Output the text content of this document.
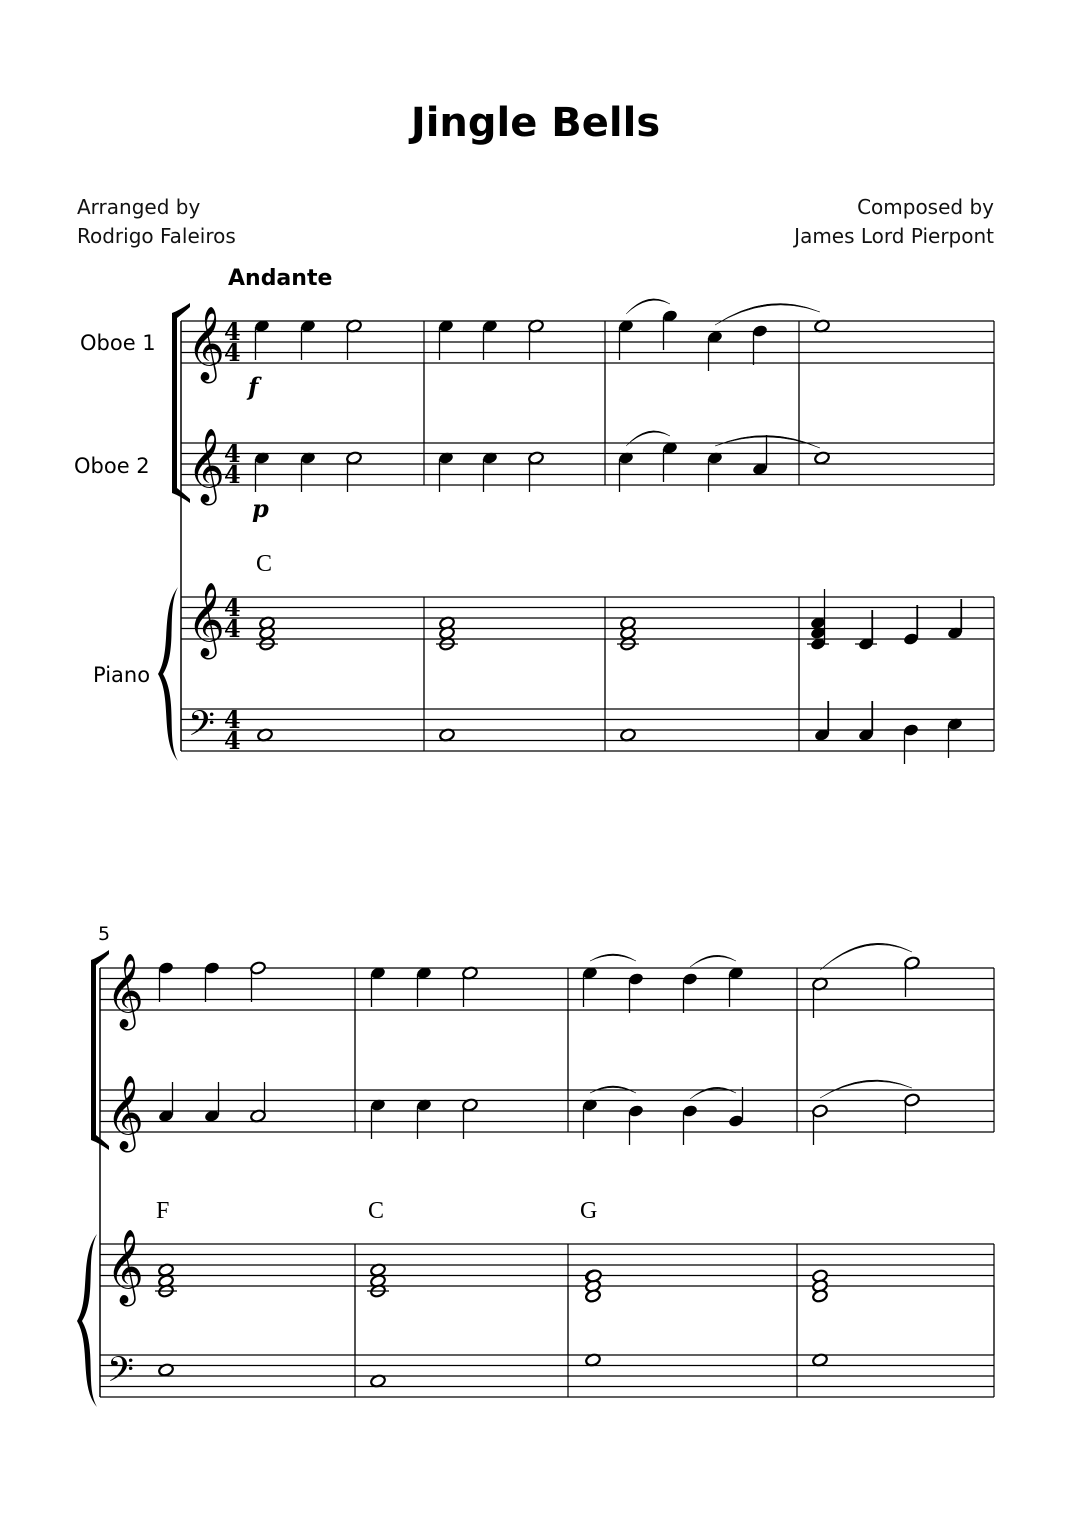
Jingle Bells
Arranged by
Rodrigo Faleiros
Composed by
James Lord Pierpont
Andante
Oboe 1
Oboe 2
Piano
5
𝄞
𝄞
𝄞
𝄞
𝄞
𝄞
𝄢
𝄢
4
4
4
4
4
4
4
4
f
p
C
F	C	G
